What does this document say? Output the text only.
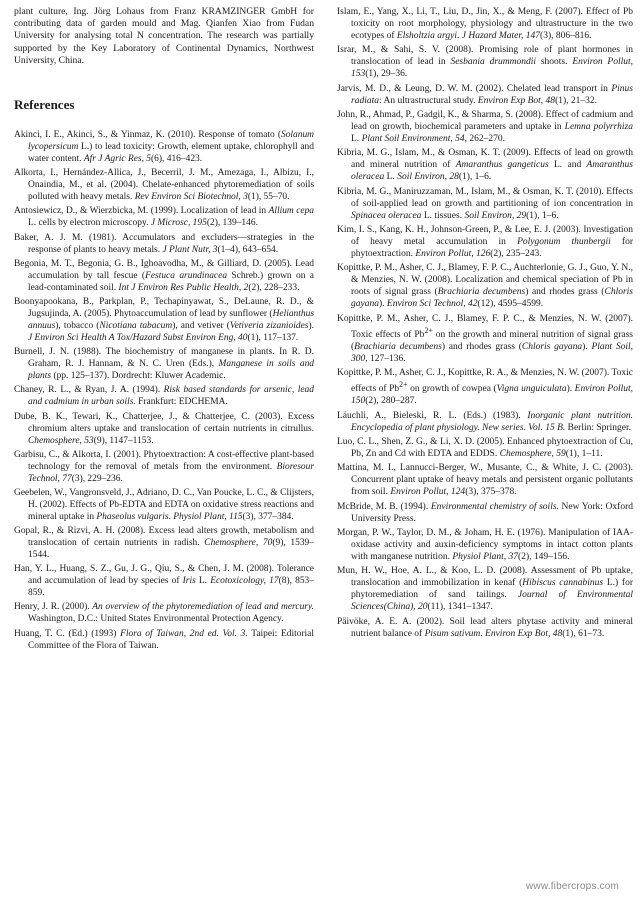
plant culture, Ing. Jörg Lohaus from Franz KRAMZINGER GmbH for contributing data of garden mould and Mag. Qianfen Xiao from Fudan University for analysing total N concentration. The research was partially supported by the Key Laboratory of Continental Dynamics, Northwest University, China.

References

Akinci, I. E., Akinci, S., & Yinmaz, K. (2010). Response of tomato (Solanum lycopersicum L.) to lead toxicity: Growth, element uptake, chlorophyll and water content. Afr J Agric Res, 5(6), 416–423.

Alkorta, I., Hernández-Allica, J., Becerril, J. M., Amezaga, I., Albizu, I., Onaindia, M., et al. (2004). Chelate-enhanced phytoremediation of soils polluted with heavy metals. Rev Environ Sci Biotechnol, 3(1), 55–70.

Antosiewicz, D., & Wierzbicka, M. (1999). Localization of lead in Allium cepa L. cells by electron microscopy. J Microsc, 195(2), 139–146.

Baker, A. J. M. (1981). Accumulators and excluders—strategies in the response of plants to heavy metals. J Plant Nutr, 3(1–4), 643–654.

Begonia, M. T., Begonia, G. B., Ighoavodha, M., & Gilliard, D. (2005). Lead accumulation by tall fescue (Festuca arundinacea Schreb.) grown on a lead-contaminated soil. Int J Environ Res Public Health, 2(2), 228–233.

Boonyapookana, B., Parkplan, P., Techapinyawat, S., DeLaune, R. D., & Jugsujinda, A. (2005). Phytoaccumulation of lead by sunflower (Helianthus annuus), tobacco (Nicotiana tabacum), and vetiver (Vetiveria zizanioides). J Environ Sci Health A Tox/Hazard Subst Environ Eng, 40(1), 117–137.

Burnell, J. N. (1988). The biochemistry of manganese in plants. In R. D. Graham, R. J. Hannam, & N. C. Uren (Eds.), Manganese in soils and plants (pp. 125–137). Dordrecht: Kluwer Academic.

Chaney, R. L., & Ryan, J. A. (1994). Risk based standards for arsenic, lead and cadmium in urban soils. Frankfurt: EDCHEMA.

Dube, B. K., Tewari, K., Chatterjee, J., & Chatterjee, C. (2003). Excess chromium alters uptake and translocation of certain nutrients in citrullus. Chemosphere, 53(9), 1147–1153.

Garbisu, C., & Alkorta, I. (2001). Phytoextraction: A cost-effective plant-based technology for the removal of metals from the environment. Bioresour Technol, 77(3), 229–236.

Geebelen, W., Vangronsveld, J., Adriano, D. C., Van Poucke, L. C., & Clijsters, H. (2002). Effects of Pb-EDTA and EDTA on oxidative stress reactions and mineral uptake in Phaseolus vulgaris. Physiol Plant, 115(3), 377–384.

Gopal, R., & Rizvi, A. H. (2008). Excess lead alters growth, metabolism and translocation of certain nutrients in radish. Chemosphere, 70(9), 1539–1544.

Han, Y. L., Huang, S. Z., Gu, J. G., Qiu, S., & Chen, J. M. (2008). Tolerance and accumulation of lead by species of Iris L. Ecotoxicology, 17(8), 853–859.

Henry, J. R. (2000). An overview of the phytoremediation of lead and mercury. Washington, D.C.: United States Environmental Protection Agency.

Huang, T. C. (Ed.) (1993) Flora of Taiwan, 2nd ed. Vol. 3. Taipei: Editorial Committee of the Flora of Taiwan.

Islam, E., Yang, X., Li, T., Liu, D., Jin, X., & Meng, F. (2007). Effect of Pb toxicity on root morphology, physiology and ultrastructure in the two ecotypes of Elsholtzia argyi. J Hazard Mater, 147(3), 806–816.

Israr, M., & Sahi, S. V. (2008). Promising role of plant hormones in translocation of lead in Sesbania drummondii shoots. Environ Pollut, 153(1), 29–36.

Jarvis, M. D., & Leung, D. W. M. (2002). Chelated lead transport in Pinus radiata: An ultrastructural study. Environ Exp Bot, 48(1), 21–32.

John, R., Ahmad, P., Gadgil, K., & Sharma, S. (2008). Effect of cadmium and lead on growth, biochemical parameters and uptake in Lemna polyrrhiza L. Plant Soil Environment, 54, 262–270.

Kibria, M. G., Islam, M., & Osman, K. T. (2009). Effects of lead on growth and mineral nutrition of Amaranthus gangeticus L. and Amaranthus oleracea L. Soil Environ, 28(1), 1–6.

Kibria, M. G., Maniruzzaman, M., Islam, M., & Osman, K. T. (2010). Effects of soil-applied lead on growth and partitioning of ion concentration in Spinacea oleracea L. tissues. Soil Environ, 29(1), 1–6.

Kim, I. S., Kang, K. H., Johnson-Green, P., & Lee, E. J. (2003). Investigation of heavy metal accumulation in Polygonum thunbergii for phytoextraction. Environ Pollut, 126(2), 235–243.

Kopittke, P. M., Asher, C. J., Blamey, F. P. C., Auchterlonie, G. J., Guo, Y. N., & Menzies, N. W. (2008). Localization and chemical speciation of Pb in roots of signal grass (Brachiaria decumbens) and rhodes grass (Chloris gayana). Environ Sci Technol, 42(12), 4595–4599.

Kopittke, P. M., Asher, C. J., Blamey, F. P. C., & Menzies, N. W. (2007). Toxic effects of $Pb^{2+}$ on the growth and mineral nutrition of signal grass (Brachiaria decumbens) and rhodes grass (Chloris gayana). Plant Soil, 300, 127–136.

Kopittke, P. M., Asher, C. J., Kopittke, R. A., & Menzies, N. W. (2007). Toxic effects of $Pb^{2+}$ on growth of cowpea (Vigna unguiculata). Environ Pollut, 150(2), 280–287.

Läuchli, A., Bieleski, R. L. (Eds.) (1983). Inorganic plant nutrition. Encyclopedia of plant physiology. New series. Vol. 15 B. Berlin: Springer.

Luo, C. L., Shen, Z. G., & Li, X. D. (2005). Enhanced phytoextraction of Cu, Pb, Zn and Cd with EDTA and EDDS. Chemosphere, 59(1), 1–11.

Mattina, M. I., Lannucci-Berger, W., Musante, C., & White, J. C. (2003). Concurrent plant uptake of heavy metals and persistent organic pollutants from soil. Environ Pollut, 124(3), 375–378.

McBride, M. B. (1994). Environmental chemistry of soils. New York: Oxford University Press.

Morgan, P. W., Taylor, D. M., & Joham, H. E. (1976). Manipulation of IAA-oxidase activity and auxin-deficiency symptoms in intact cotton plants with manganese nutrition. Physiol Plant, 37(2), 149–156.

Mun, H. W., Hoe, A. L., & Koo, L. D. (2008). Assessment of Pb uptake, translocation and immobilization in kenaf (Hibiscus cannabinus L.) for phytoremediation of sand tailings. Journal of Environmental Sciences(China), 20(11), 1341–1347.

Päivöke, A. E. A. (2002). Soil lead alters phytase activity and mineral nutrient balance of Pisum sativum. Environ Exp Bot, 48(1), 61–73.

www.fibercrops.com
